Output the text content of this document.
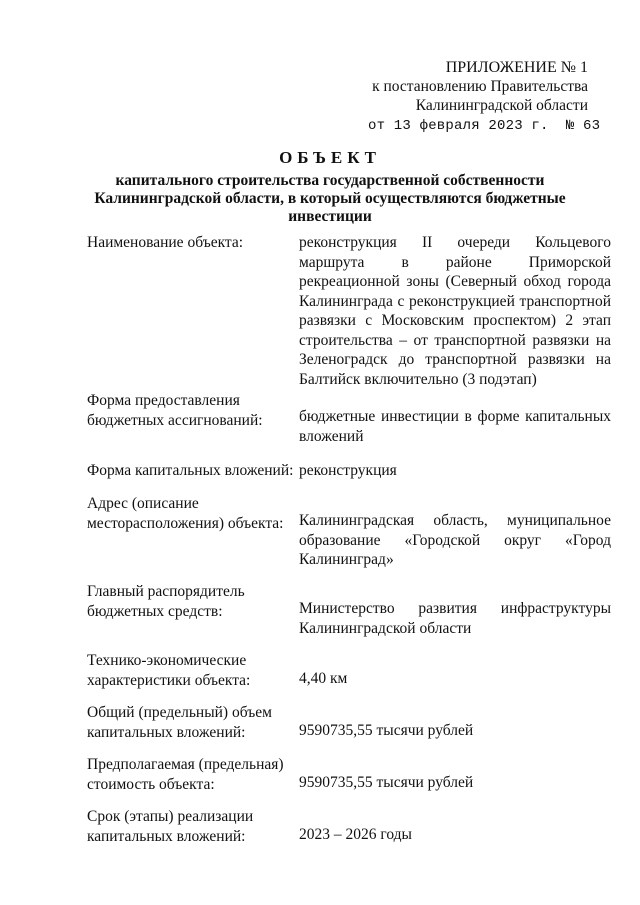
ПРИЛОЖЕНИЕ № 1
к постановлению Правительства
Калининградской области
от 13 февраля 2023 г.  № 63
ОБЪЕКТ
капитального строительства государственной собственности
Калининградской области, в который осуществляются бюджетные
инвестиции
Наименование объекта:	реконструкция II очереди Кольцевого маршрута в районе Приморской рекреационной зоны (Северный обход города Калининграда с реконструкцией транспортной развязки с Московским проспектом) 2 этап строительства – от транспортной развязки на Зеленоградск до транспортной развязки на Балтийск включительно (3 подэтап)
Форма предоставления
бюджетных ассигнований:	бюджетные инвестиции в форме капитальных вложений
Форма капитальных вложений: реконструкция
Адрес (описание
месторасположения) объекта:	Калининградская область, муниципальное образование «Городской округ «Город Калининград»
Главный распорядитель
бюджетных средств:	Министерство развития инфраструктуры Калининградской области
Технико-экономические
характеристики объекта:	4,40 км
Общий (предельный) объем
капитальных вложений:	9590735,55 тысячи рублей
Предполагаемая (предельная)
стоимость объекта:	9590735,55 тысячи рублей
Срок (этапы) реализации
капитальных вложений:	2023 – 2026 годы
